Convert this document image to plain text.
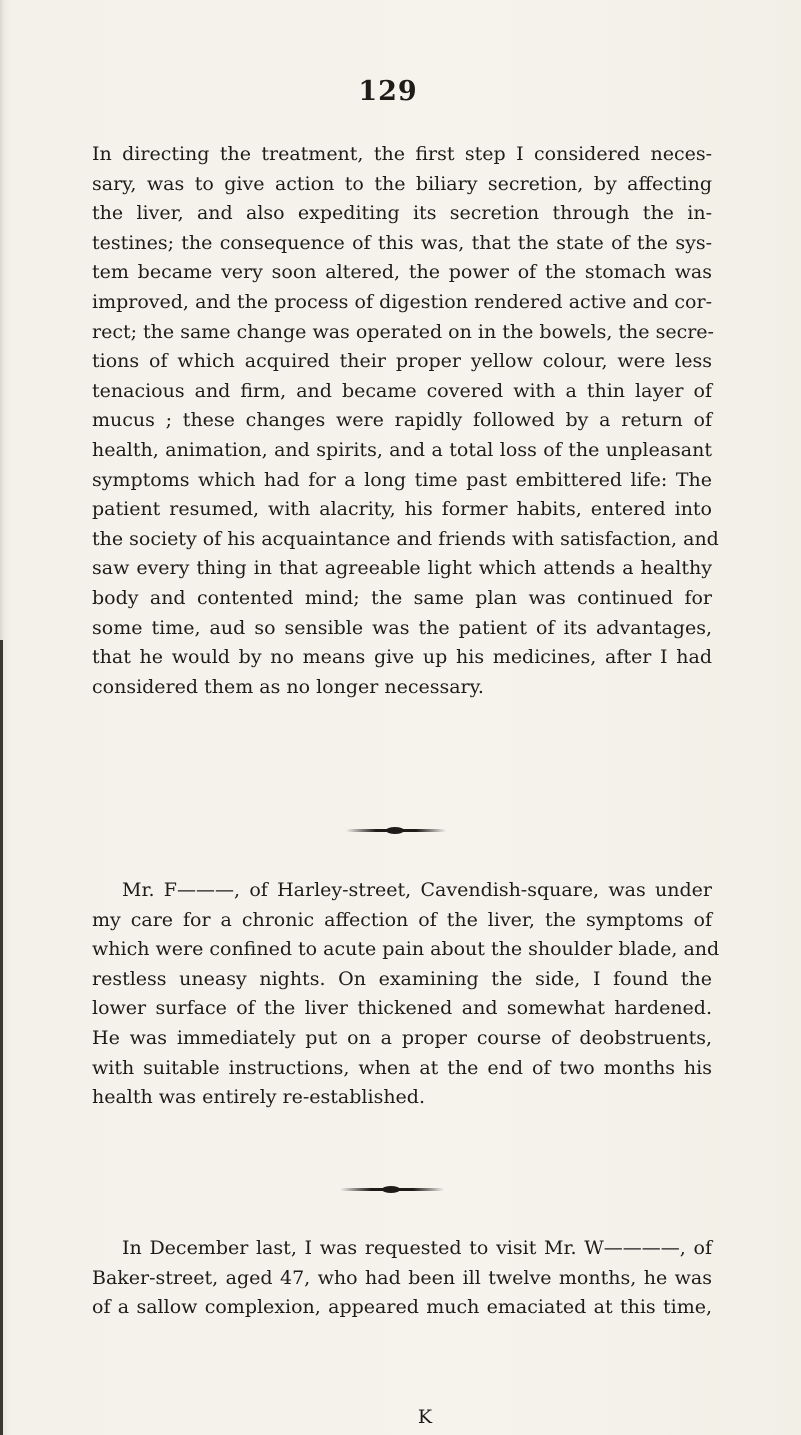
129
In directing the treatment, the first step I considered neces-
sary, was to give action to the biliary secretion, by affecting
the liver, and also expediting its secretion through the in-
testines; the consequence of this was, that the state of the sys-
tem became very soon altered, the power of the stomach was
improved, and the process of digestion rendered active and cor-
rect; the same change was operated on in the bowels, the secre-
tions of which acquired their proper yellow colour, were less
tenacious and firm, and became covered with a thin layer of
mucus ; these changes were rapidly followed by a return of
health, animation, and spirits, and a total loss of the unpleasant
symptoms which had for a long time past embittered life: The
patient resumed, with alacrity, his former habits, entered into
the society of his acquaintance and friends with satisfaction, and
saw every thing in that agreeable light which attends a healthy
body and contented mind; the same plan was continued for
some time, aud so sensible was the patient of its advantages,
that he would by no means give up his medicines, after I had
considered them as no longer necessary.
Mr. F———, of Harley-street, Cavendish-square, was under
my care for a chronic affection of the liver, the symptoms of
which were confined to acute pain about the shoulder blade, and
restless uneasy nights. On examining the side, I found the
lower surface of the liver thickened and somewhat hardened.
He was immediately put on a proper course of deobstruents,
with suitable instructions, when at the end of two months his
health was entirely re-established.
In December last, I was requested to visit Mr. W————, of
Baker-street, aged 47, who had been ill twelve months, he was
of a sallow complexion, appeared much emaciated at this time,
K
